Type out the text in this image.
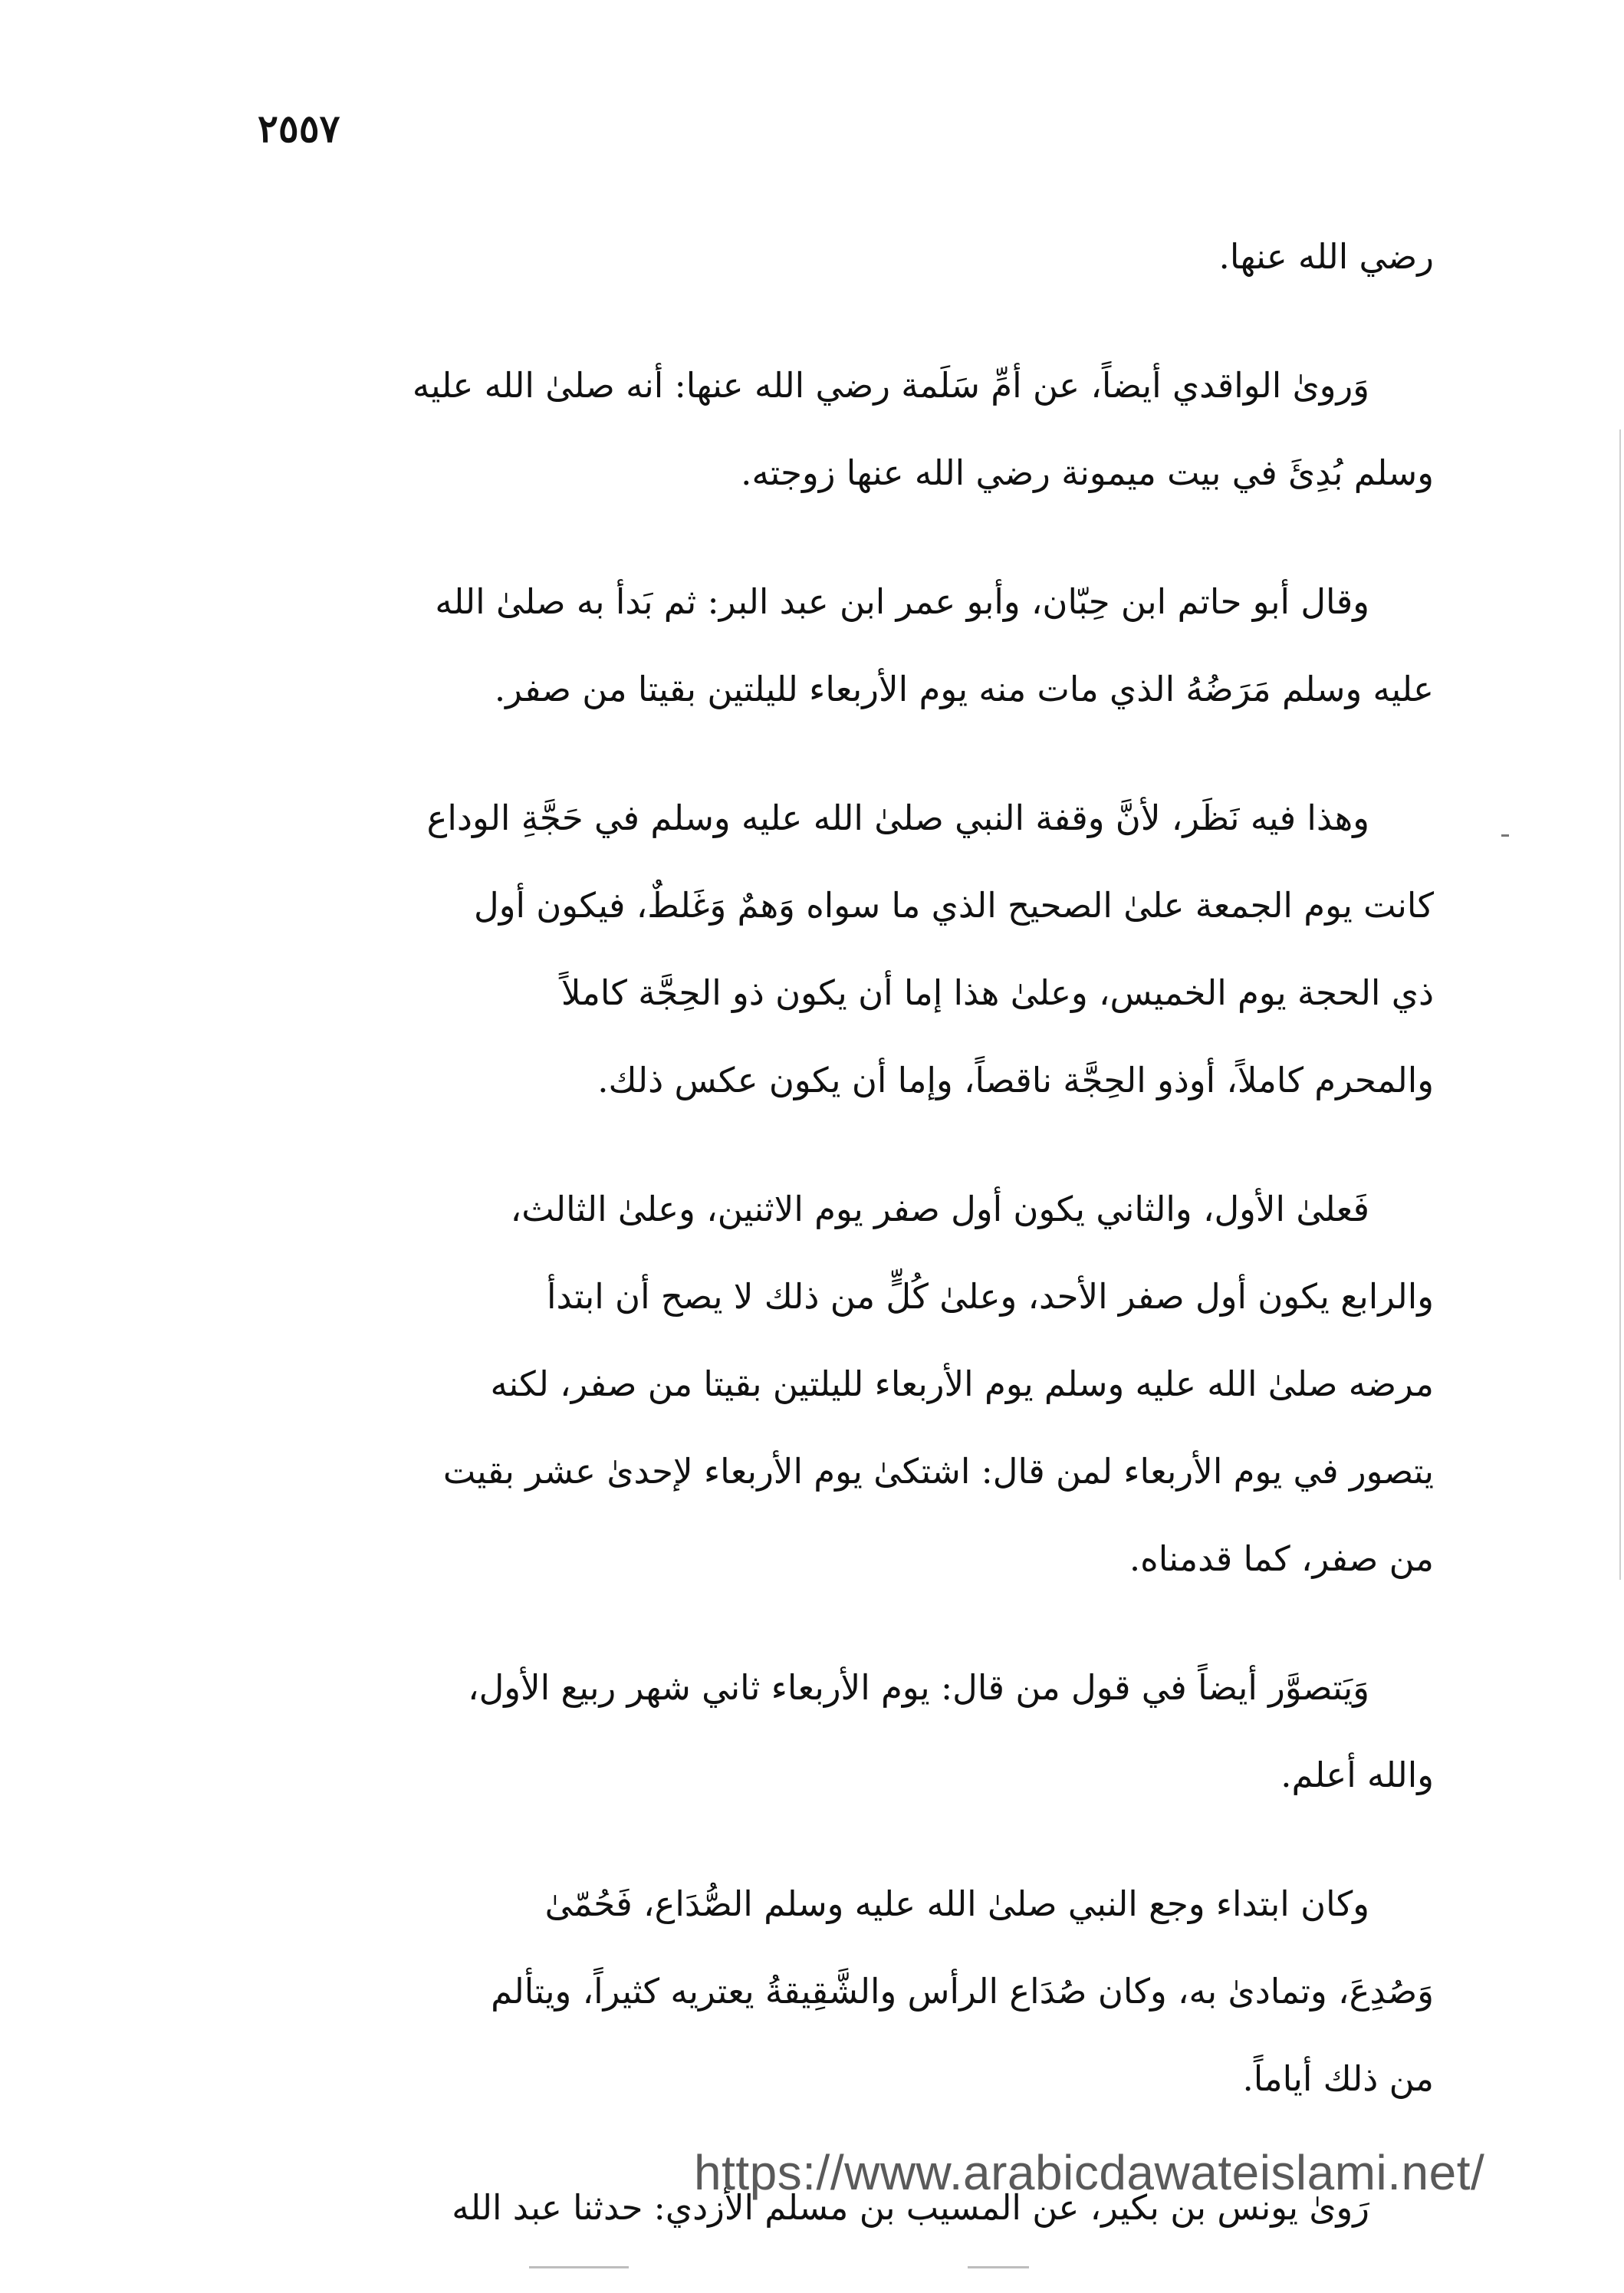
٢٥٥٧
رضي الله عنها.
وَروىٰ الواقدي أيضاً، عن أمِّ سَلَمة رضي الله عنها: أنه صلىٰ الله عليه
وسلم بُدِئَ في بيت ميمونة رضي الله عنها زوجته.
وقال أبو حاتم ابن حِبّان، وأبو عمر ابن عبد البر: ثم بَدأ به صلىٰ الله
عليه وسلم مَرَضُهُ الذي مات منه يوم الأربعاء لليلتين بقيتا من صفر.
وهذا فيه نَظَر، لأنَّ وقفة النبي صلىٰ الله عليه وسلم في حَجَّةِ الوداع
كانت يوم الجمعة علىٰ الصحيح الذي ما سواه وَهمٌ وَغَلطٌ، فيكون أول
ذي الحجة يوم الخميس، وعلىٰ هذا إما أن يكون ذو الحِجَّة كاملاً
والمحرم كاملاً، أوذو الحِجَّة ناقصاً، وإما أن يكون عكس ذلك.
فَعلىٰ الأول، والثاني يكون أول صفر يوم الاثنين، وعلىٰ الثالث،
والرابع يكون أول صفر الأحد، وعلىٰ كُلٍّ من ذلك لا يصح أن ابتدأ
مرضه صلىٰ الله عليه وسلم يوم الأربعاء لليلتين بقيتا من صفر، لكنه
يتصور في يوم الأربعاء لمن قال: اشتكىٰ يوم الأربعاء لإحدىٰ عشر بقيت
من صفر، كما قدمناه.
وَيَتصوَّر أيضاً في قول من قال: يوم الأربعاء ثاني شهر ربيع الأول،
والله أعلم.
وكان ابتداء وجع النبي صلىٰ الله عليه وسلم الصُّدَاع، فَحُمّىٰ
وَصُدِعَ، وتمادىٰ به، وكان صُدَاع الرأس والشَّقِيقةُ يعتريه كثيراً، ويتألم
من ذلك أياماً.
رَوىٰ يونس بن بكير، عن المسيب بن مسلم الأزدي: حدثنا عبد الله
https://www.arabicdawateislami.net/
